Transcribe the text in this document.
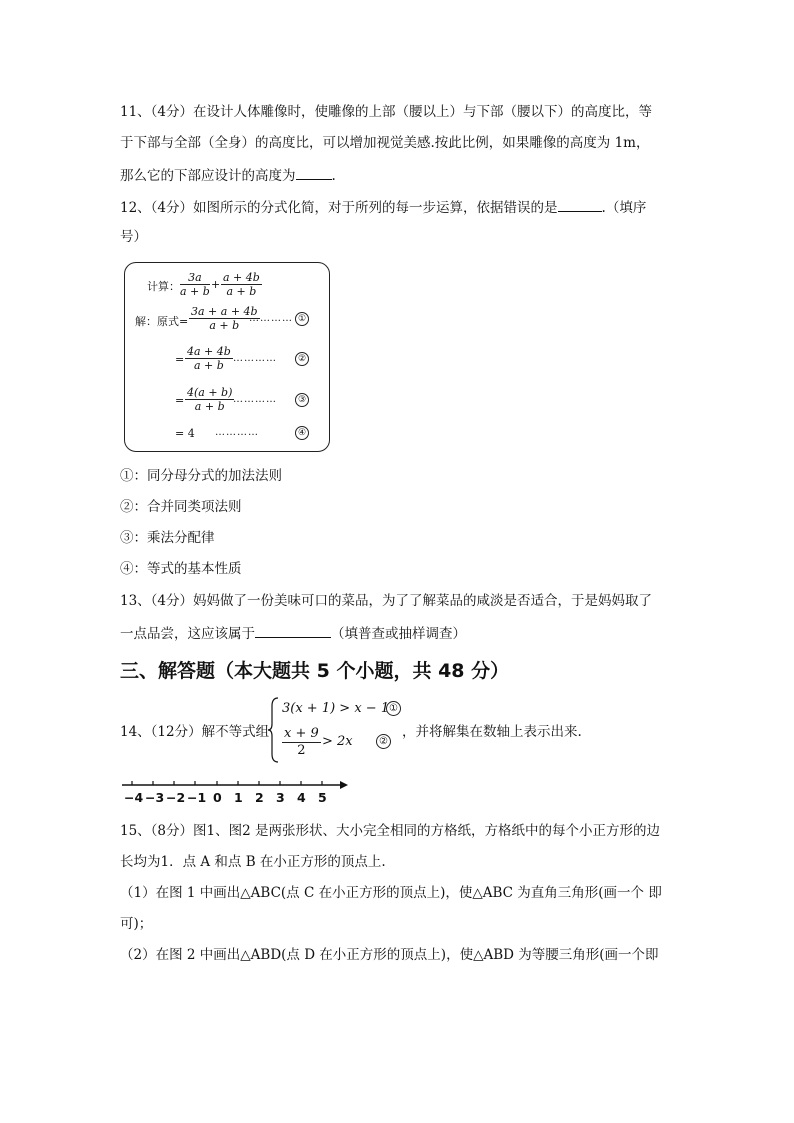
11、（4分）在设计人体雕像时，使雕像的上部（腰以上）与下部（腰以下）的高度比，等
于下部与全部（全身）的高度比，可以增加视觉美感.按此比例，如果雕像的高度为 1m，
那么它的下部应设计的高度为	.
12、（4分）如图所示的分式化简，对于所列的每一步运算，依据错误的是	.（填序
号）
计算： $\frac{3a}{a + b} + \frac{a + 4b}{a + b}$
解：原式= $\frac{3a + a + 4b}{a + b}$
………… ①
= $\frac{4a + 4b}{a + b}$ …………	②
= $\frac{4(a + b)}{a + b}$
…………	③
= 4 …………	④
①：同分母分式的加法法则
②：合并同类项法则
③：乘法分配律
④：等式的基本性质
13、（4分）妈妈做了一份美味可口的菜品，为了了解菜品的咸淡是否适合，于是妈妈取了
一点品尝，这应该属于	（填普查或抽样调查）
三、解答题（本大题共 5 个小题，共 48 分）
14、（12分）解不等式组
3(x + 1) > x − 1 ①
$\frac{x + 9}{2} > 2x$	②
，并将解集在数轴上表示出来.
−4 −3 −2 −1 0 1 2 3 4 5
15、（8分）图1、图2 是两张形状、大小完全相同的方格纸，方格纸中的每个小正方形的边
长均为1．点 A 和点 B 在小正方形的顶点上.
（1）在图 1 中画出△ABC(点 C 在小正方形的顶点上)，使△ABC 为直角三角形(画一个 即
可)；
（2）在图 2 中画出△ABD(点 D 在小正方形的顶点上)，使△ABD 为等腰三角形(画一个即
